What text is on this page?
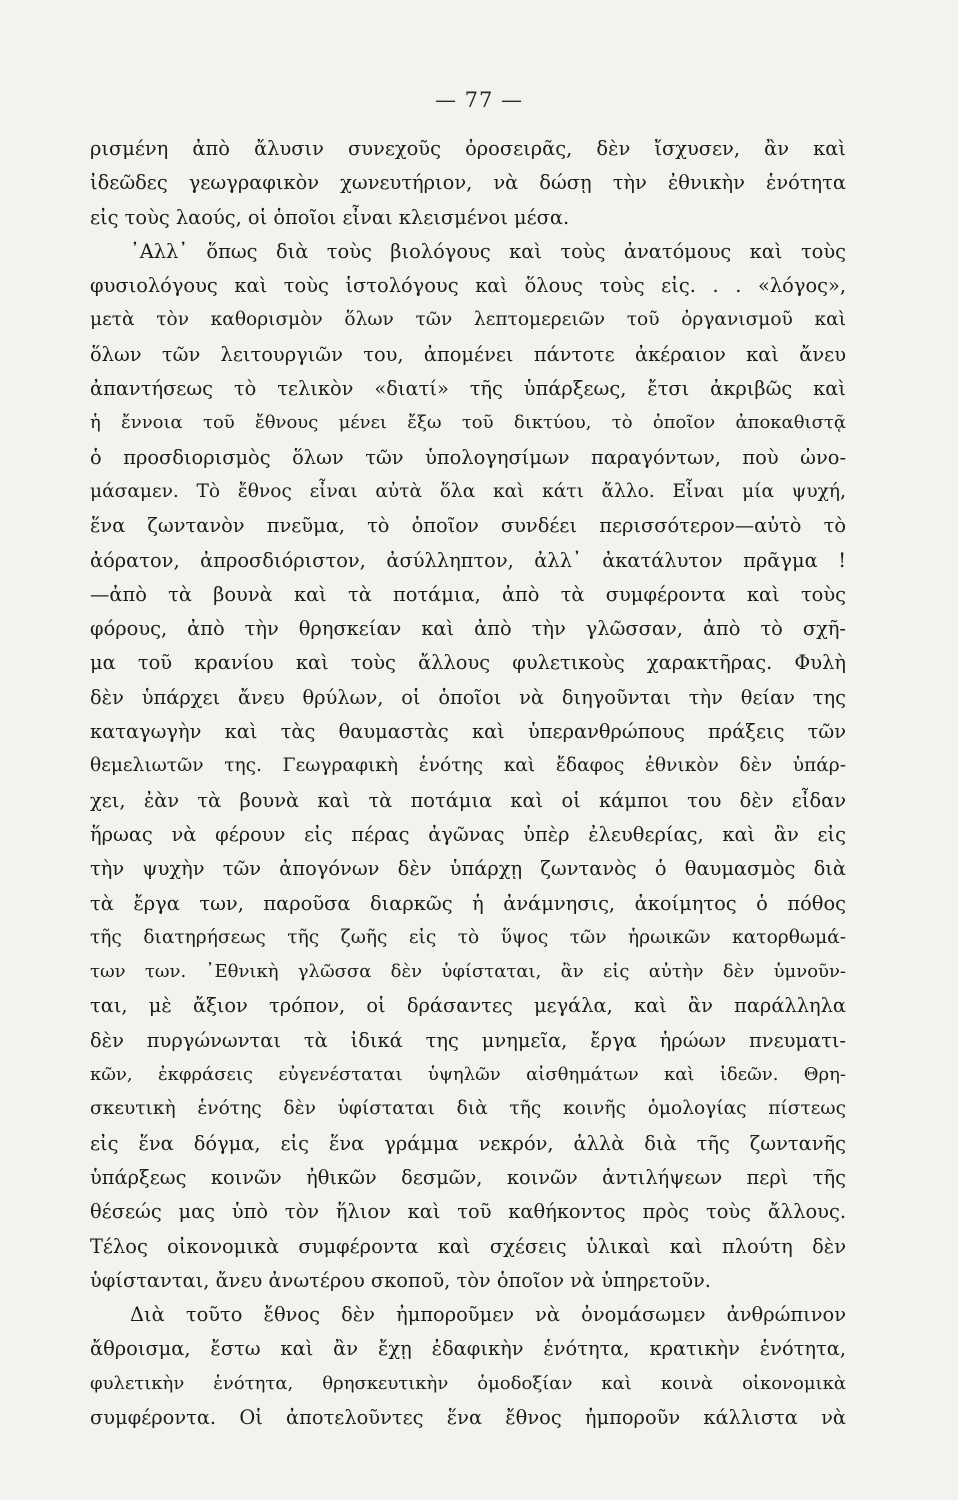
— 77 —
ρισμένη ἀπὸ ἄλυσιν συνεχοῦς ὀροσειρᾶς, δὲν ἴσχυσεν, ἂν καὶ
ἰδεῶδες γεωγραφικὸν χωνευτήριον, νὰ δώσῃ τὴν ἐθνικὴν ἑνότητα
εἰς τοὺς λαούς, οἱ ὁποῖοι εἶναι κλεισμένοι μέσα.
᾿Αλλ᾿ ὅπως διὰ τοὺς βιολόγους καὶ τοὺς ἀνατόμους καὶ τοὺς
φυσιολόγους καὶ τοὺς ἱστολόγους καὶ ὅλους τοὺς εἰς. . . «λόγος»,
μετὰ τὸν καθορισμὸν ὅλων τῶν λεπτομερειῶν τοῦ ὀργανισμοῦ καὶ
ὅλων τῶν λειτουργιῶν του, ἀπομένει πάντοτε ἀκέραιον καὶ ἄνευ
ἀπαντήσεως τὸ τελικὸν «διατί» τῆς ὑπάρξεως, ἔτσι ἀκριβῶς καὶ
ἡ ἔννοια τοῦ ἔθνους μένει ἔξω τοῦ δικτύου, τὸ ὁποῖον ἀποκαθιστᾷ
ὁ προσδιορισμὸς ὅλων τῶν ὑπολογησίμων παραγόντων, ποὺ ὠνο-
μάσαμεν. Τὸ ἔθνος εἶναι αὐτὰ ὅλα καὶ κάτι ἄλλο. Εἶναι μία ψυχή,
ἕνα ζωντανὸν πνεῦμα, τὸ ὁποῖον συνδέει περισσότερον—αὐτὸ τὸ
ἀόρατον, ἀπροσδιόριστον, ἀσύλληπτον, ἀλλ᾿ ἀκατάλυτον πρᾶγμα !
—ἀπὸ τὰ βουνὰ καὶ τὰ ποτάμια, ἀπὸ τὰ συμφέροντα καὶ τοὺς
φόρους, ἀπὸ τὴν θρησκείαν καὶ ἀπὸ τὴν γλῶσσαν, ἀπὸ τὸ σχῆ-
μα τοῦ κρανίου καὶ τοὺς ἄλλους φυλετικοὺς χαρακτῆρας. Φυλὴ
δὲν ὑπάρχει ἄνευ θρύλων, οἱ ὁποῖοι νὰ διηγοῦνται τὴν θείαν της
καταγωγὴν καὶ τὰς θαυμαστὰς καὶ ὑπερανθρώπους πράξεις τῶν
θεμελιωτῶν της. Γεωγραφικὴ ἑνότης καὶ ἔδαφος ἐθνικὸν δὲν ὑπάρ-
χει, ἐὰν τὰ βουνὰ καὶ τὰ ποτάμια καὶ οἱ κάμποι του δὲν εἶδαν
ἥρωας νὰ φέρουν εἰς πέρας ἀγῶνας ὑπὲρ ἐλευθερίας, καὶ ἂν εἰς
τὴν ψυχὴν τῶν ἀπογόνων δὲν ὑπάρχῃ ζωντανὸς ὁ θαυμασμὸς διὰ
τὰ ἔργα των, παροῦσα διαρκῶς ἡ ἀνάμνησις, ἀκοίμητος ὁ πόθος
τῆς διατηρήσεως τῆς ζωῆς εἰς τὸ ὕψος τῶν ἡρωικῶν κατορθωμά-
των των. ᾿Εθνικὴ γλῶσσα δὲν ὑφίσταται, ἂν εἰς αὐτὴν δὲν ὑμνοῦν-
ται, μὲ ἄξιον τρόπον, οἱ δράσαντες μεγάλα, καὶ ἂν παράλληλα
δὲν πυργώνωνται τὰ ἰδικά της μνημεῖα, ἔργα ἡρώων πνευματι-
κῶν, ἐκφράσεις εὐγενέσταται ὑψηλῶν αἰσθημάτων καὶ ἰδεῶν. Θρη-
σκευτικὴ ἑνότης δὲν ὑφίσταται διὰ τῆς κοινῆς ὁμολογίας πίστεως
εἰς ἕνα δόγμα, εἰς ἕνα γράμμα νεκρόν, ἀλλὰ διὰ τῆς ζωντανῆς
ὑπάρξεως κοινῶν ἠθικῶν δεσμῶν, κοινῶν ἀντιλήψεων περὶ τῆς
θέσεώς μας ὑπὸ τὸν ἥλιον καὶ τοῦ καθήκοντος πρὸς τοὺς ἄλλους.
Τέλος οἰκονομικὰ συμφέροντα καὶ σχέσεις ὑλικαὶ καὶ πλούτη δὲν
ὑφίστανται, ἄνευ ἀνωτέρου σκοποῦ, τὸν ὁποῖον νὰ ὑπηρετοῦν.
Διὰ τοῦτο ἔθνος δὲν ἠμποροῦμεν νὰ ὀνομάσωμεν ἀνθρώπινον
ἄθροισμα, ἔστω καὶ ἂν ἔχῃ ἐδαφικὴν ἑνότητα, κρατικὴν ἑνότητα,
φυλετικὴν ἑνότητα, θρησκευτικὴν ὁμοδοξίαν καὶ κοινὰ οἰκονομικὰ
συμφέροντα. Οἱ ἀποτελοῦντες ἕνα ἔθνος ἠμποροῦν κάλλιστα νὰ
